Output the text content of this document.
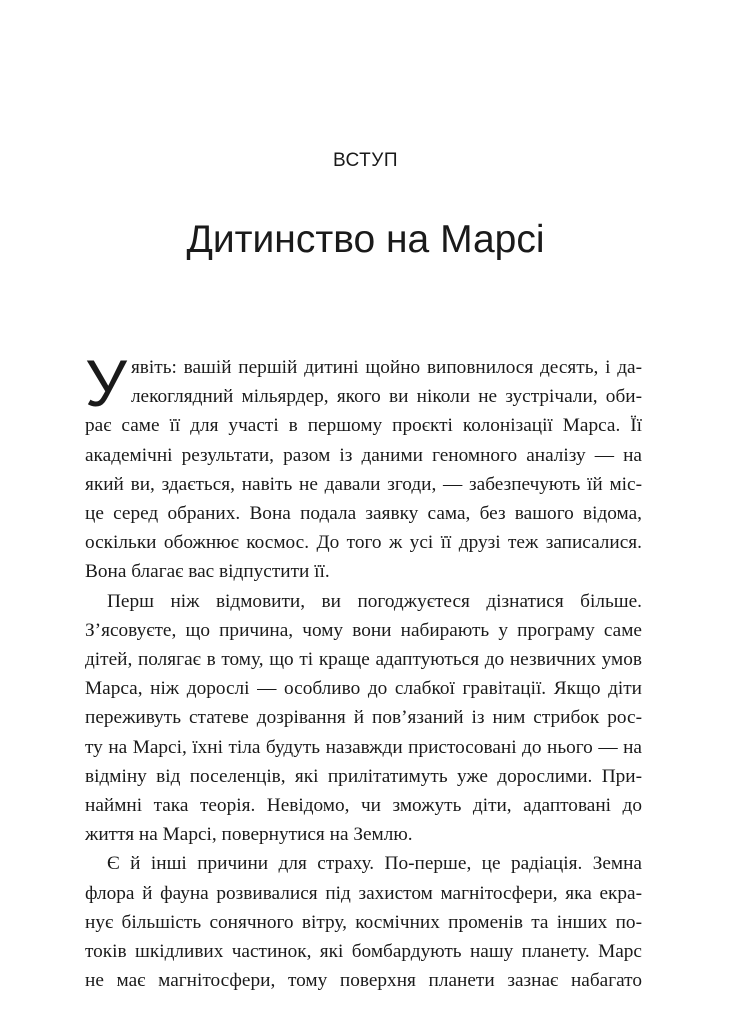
ВСТУП
Дитинство на Марсі
У явіть: вашій першій дитині щойно виповнилося десять, і да-
лекоглядний мільярдер, якого ви ніколи не зустрічали, оби-
рає саме її для участі в першому проєкті колонізації Марса. Її
академічні результати, разом із даними геномного аналізу — на
який ви, здається, навіть не давали згоди, — забезпечують їй міс-
це серед обраних. Вона подала заявку сама, без вашого відома,
оскільки обожнює космос. До того ж усі її друзі теж записалися.
Вона благає вас відпустити її.
Перш ніж відмовити, ви погоджуєтеся дізнатися більше.
З’ясовуєте, що причина, чому вони набирають у програму саме
дітей, полягає в тому, що ті краще адаптуються до незвичних умов
Марса, ніж дорослі — особливо до слабкої гравітації. Якщо діти
переживуть статеве дозрівання й пов’язаний із ним стрибок рос-
ту на Марсі, їхні тіла будуть назавжди пристосовані до нього — на
відміну від поселенців, які прилітатимуть уже дорослими. При-
наймні така теорія. Невідомо, чи зможуть діти, адаптовані до
життя на Марсі, повернутися на Землю.
Є й інші причини для страху. По-перше, це радіація. Земна
флора й фауна розвивалися під захистом магнітосфери, яка екра-
нує більшість сонячного вітру, космічних променів та інших по-
токів шкідливих частинок, які бомбардують нашу планету. Марс
не має магнітосфери, тому поверхня планети зазнає набагато
